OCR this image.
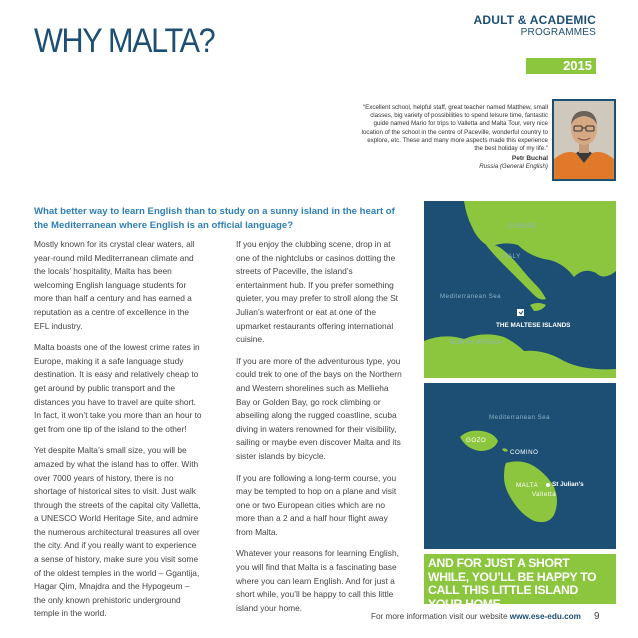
WHY MALTA?
ADULT & ACADEMIC
PROGRAMMES
2015
“Excellent school, helpful staff, great teacher named Matthew, small classes, big variety of possibilities to spend leisure time, fantastic guide named Mario for trips to Valletta and Malta Tour, very nice location of the school in the centre of Paceville, wonderful country to explore, etc. These and many more aspects made this experience the best holiday of my life.”
Petr Buchal
Russia (General English)
What better way to learn English than to study on a sunny island in the heart of the Mediterranean where English is an official language?

Mostly known for its crystal clear waters, all year-round mild Mediterranean climate and the locals’ hospitality, Malta has been welcoming English language students for more than half a century and has earned a reputation as a centre of excellence in the EFL industry.

Malta boasts one of the lowest crime rates in Europe, making it a safe language study destination. It is easy and relatively cheap to get around by public transport and the distances you have to travel are quite short. In fact, it won’t take you more than an hour to get from one tip of the island to the other!

Yet despite Malta’s small size, you will be amazed by what the island has to offer. With over 7000 years of history, there is no shortage of historical sites to visit. Just walk through the streets of the capital city Valletta, a UNESCO World Heritage Site, and admire the numerous architectural treasures all over the city. And if you really want to experience a sense of history, make sure you visit some of the oldest temples in the world – Ggantija, Hagar Qim, Mnajdra and the Hypogeum – the only known prehistoric underground temple in the world.

If you enjoy the clubbing scene, drop in at one of the nightclubs or casinos dotting the streets of Paceville, the island’s entertainment hub. If you prefer something quieter, you may prefer to stroll along the St Julian’s waterfront or eat at one of the upmarket restaurants offering international cuisine.

If you are more of the adventurous type, you could trek to one of the bays on the Northern and Western shorelines such as Mellieha Bay or Golden Bay, go rock climbing or abseiling along the rugged coastline, scuba diving in waters renowned for their visibility, sailing or maybe even discover Malta and its sister islands by bicycle.

If you are following a long-term course, you may be tempted to hop on a plane and visit one or two European cities which are no more than a 2 and a half hour flight away from Malta.

Whatever your reasons for learning English, you will find that Malta is a fascinating base where you can learn English. And for just a short while, you’ll be happy to call this little island your home.

EUROPE
ITALY
Mediterranean Sea
THE MALTESE ISLANDS
NORTH AFRICA
Mediterranean Sea
GOZO
COMINO
MALTA St Julian's
Valletta
AND FOR JUST A SHORT WHILE, YOU’LL BE HAPPY TO CALL THIS LITTLE ISLAND YOUR HOME.
For more information visit our website www.ese-edu.com 9
